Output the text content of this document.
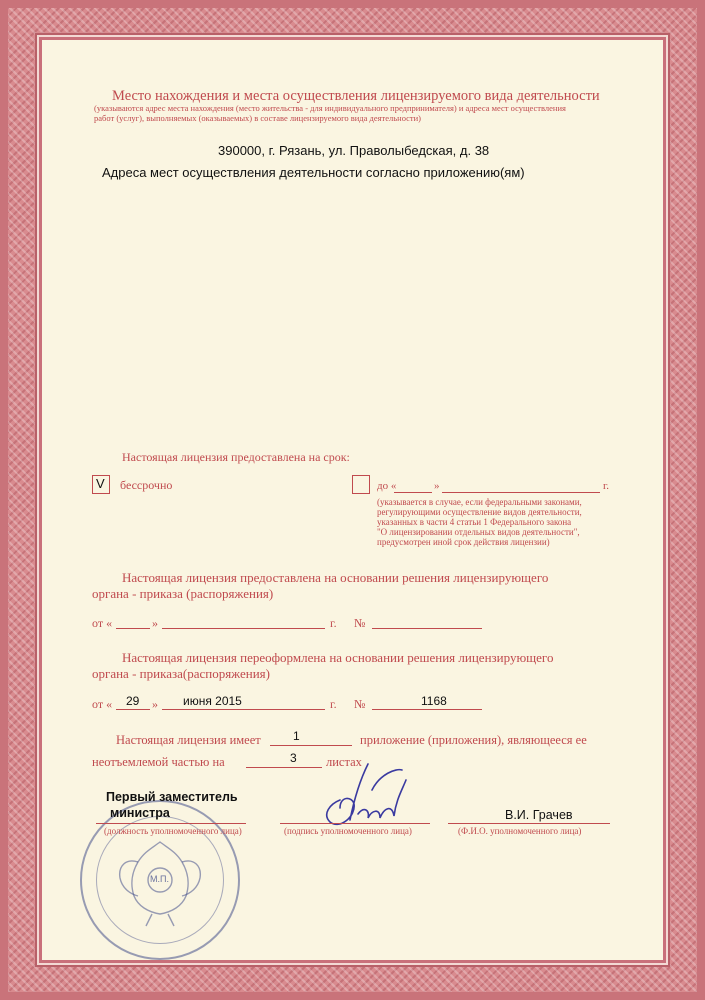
Место нахождения и места осуществления лицензируемого вида деятельности
(указываются адрес места нахождения (место жительства - для индивидуального предпринимателя) и адреса мест осуществления
работ (услуг), выполняемых (оказываемых) в составе лицензируемого вида деятельности)
390000, г. Рязань, ул. Праволыбедская, д. 38
Адреса мест осуществления деятельности согласно приложению(ям)
Настоящая лицензия предоставлена на срок:
V бессрочно	до «	»	г.
(указывается в случае, если федеральными законами,
регулирующими осуществление видов деятельности,
указанных в части 4 статьи 1 Федерального закона
"О лицензировании отдельных видов деятельности",
предусмотрен иной срок действия лицензии)
Настоящая лицензия предоставлена на основании решения лицензирующего
органа - приказа (распоряжения)
от «	»	г. №
Настоящая лицензия переоформлена на основании решения лицензирующего
органа - приказа(распоряжения)
от « 29 » июня 2015	г. №	1168
Настоящая лицензия имеет	1	приложение (приложения), являющееся ее
неотъемлемой частью на	3 листах
М.П.
Первый заместитель
министра
(должность уполномоченного лица)	(подпись уполномоченного лица)
В.И. Грачев
(Ф.И.О. уполномоченного лица)
